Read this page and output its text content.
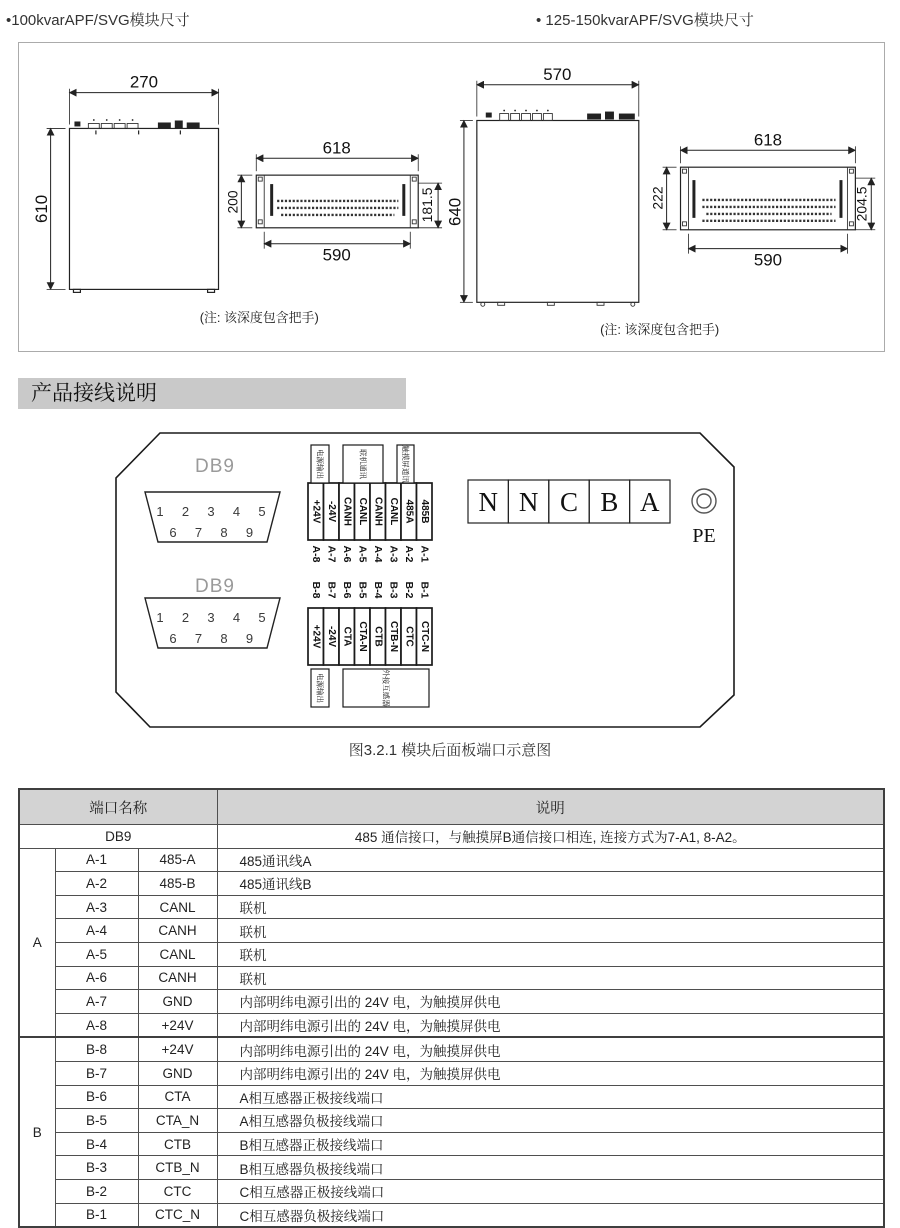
•100kvarAPF/SVG模块尺寸	• 125-150kvarAPF/SVG模块尺寸
270
610
618
590
200	181.5
(注: 该深度包含把手)
570
640
618
590
222	204.5
(注: 该深度包含把手)
产品接线说明
DB9
1 2 3 4 5
6 7 8 9
DB9
1 2 3 4 5
6 7 8 9
+24V -24V CANH CANL CANH CANL 485A 485B
A-8 A-7 A-6 A-5 A-4 A-3 A-2 A-1
电源输出	联机通讯	触摸屏通讯
+24V -24V CTA CTA-N CTB CTB-N CTC CTC-N
B-8 B-7 B-6 B-5 B-4 B-3 B-2 B-1
电源输出	外接互感器
N N C B A
PE
图3.2.1 模块后面板端口示意图
端口名称			说明
DB9			485 通信接口，与触摸屏B通信接口相连, 连接方式为7-A1, 8-A2。
A	A-1	485-A	485通讯线A
	A-2	485-B	485通讯线B
	A-3	CANL	联机
	A-4	CANH	联机
	A-5	CANL	联机
	A-6	CANH	联机
	A-7	GND	内部明纬电源引出的 24V 电，为触摸屏供电
	A-8	+24V	内部明纬电源引出的 24V 电，为触摸屏供电
B	B-8	+24V	内部明纬电源引出的 24V 电，为触摸屏供电
	B-7	GND	内部明纬电源引出的 24V 电，为触摸屏供电
	B-6	CTA	A相互感器正极接线端口
	B-5	CTA_N	A相互感器负极接线端口
	B-4	CTB	B相互感器正极接线端口
	B-3	CTB_N	B相互感器负极接线端口
	B-2	CTC	C相互感器正极接线端口
	B-1	CTC_N	C相互感器负极接线端口
